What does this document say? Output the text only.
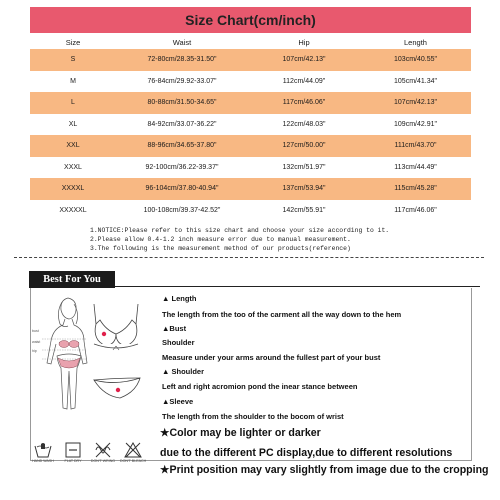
Size Chart(cm/inch)
Size	Waist	Hip	Length
S	72-80cm/28.35-31.50"	107cm/42.13"	103cm/40.55"
M	76-84cm/29.92-33.07"	112cm/44.09"	105cm/41.34"
L	80-88cm/31.50-34.65"	117cm/46.06"	107cm/42.13"
XL	84-92cm/33.07-36.22"	122cm/48.03"	109cm/42.91"
XXL	88-96cm/34.65-37.80"	127cm/50.00"	111cm/43.70"
XXXL	92-100cm/36.22-39.37"	132cm/51.97"	113cm/44.49"
XXXXL	96-104cm/37.80-40.94"	137cm/53.94"	115cm/45.28"
XXXXXL	100-108cm/39.37-42.52"	142cm/55.91"	117cm/46.06"
1.NOTICE:Please refer to this size chart and choose your size according to it.
2.Please allow 0.4-1.2 inch measure error due to manual measurement.
3.The following is the measurement method of our products(reference)
Best For You
bust
waist
hip
▲ Length
The length from the too of the carment all the way down to the hem
▲Bust
Shoulder
Measure under your arms around the fullest part of your bust
▲ Shoulder
Left and right acromion pond the inear stance between
▲Sleeve
The length from the shoulder to the bocom of wrist
★Color may be lighter or darker
due to the different PC display,due to different resolutions
★Print position may vary slightly from image due to the cropping
HAND WASH	FLAT DRY	DON'T WRING DON'T BLEACH
